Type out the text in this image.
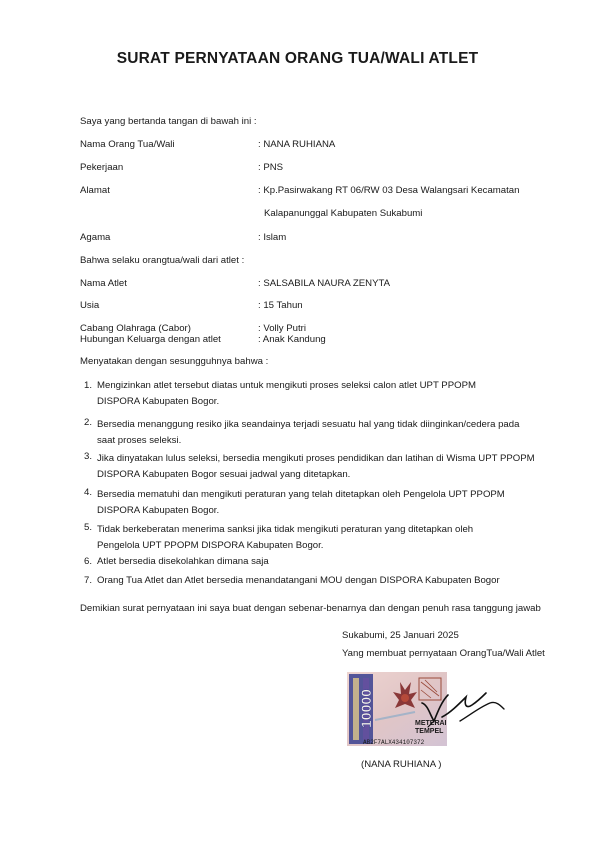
SURAT PERNYATAAN ORANG TUA/WALI ATLET
Saya yang bertanda tangan di bawah ini :
Nama Orang Tua/Wali	: NANA RUHIANA
Pekerjaan	: PNS
Alamat	: Kp.Pasirwakang RT 06/RW 03 Desa Walangsari Kecamatan
Kalapanunggal Kabupaten Sukabumi
Agama	: Islam
Bahwa selaku orangtua/wali dari atlet :
Nama Atlet	: SALSABILA NAURA ZENYTA
Usia	: 15 Tahun
Cabang Olahraga (Cabor)	: Volly Putri
Hubungan Keluarga dengan atlet	: Anak Kandung
Menyatakan dengan sesungguhnya bahwa :
1. Mengizinkan atlet tersebut diatas untuk mengikuti proses seleksi calon atlet UPT PPOPM
DISPORA Kabupaten Bogor.
2. Bersedia menanggung resiko jika seandainya terjadi sesuatu hal yang tidak diinginkan/cedera pada
saat proses seleksi.
3. Jika dinyatakan lulus seleksi, bersedia mengikuti proses pendidikan dan latihan di Wisma UPT PPOPM
DISPORA Kabupaten Bogor sesuai jadwal yang ditetapkan.
4. Bersedia mematuhi dan mengikuti peraturan yang telah ditetapkan oleh Pengelola UPT PPOPM
DISPORA Kabupaten Bogor.
5. Tidak berkeberatan menerima sanksi jika tidak mengikuti peraturan yang ditetapkan oleh
Pengelola UPT PPOPM DISPORA Kabupaten Bogor.
6. Atlet bersedia disekolahkan dimana saja
7. Orang Tua Atlet dan Atlet bersedia menandatangani MOU dengan DISPORA Kabupaten Bogor
Demikian surat pernyataan ini saya buat dengan sebenar-benarnya dan dengan penuh rasa tanggung jawab
Sukabumi, 25 Januari 2025
Yang membuat pernyataan OrangTua/Wali Atlet
METERAI
TEMPEL
AB2F7ALX434107372
10000
(NANA RUHIANA )
